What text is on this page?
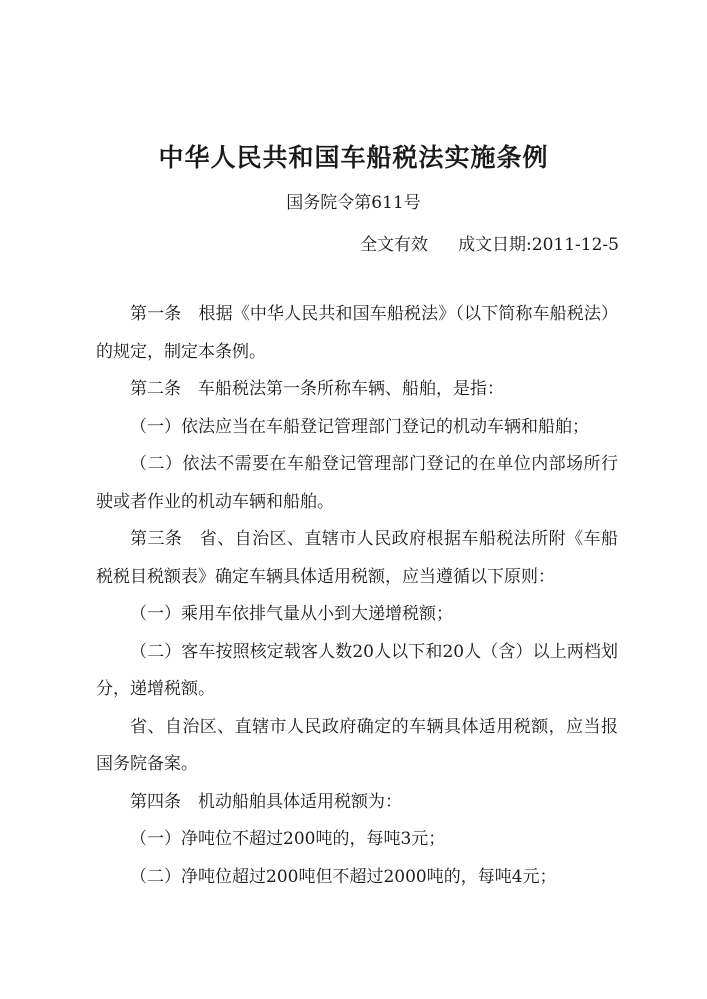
中华人民共和国车船税法实施条例
国务院令第611号
全文有效 成文日期:2011-12-5

第一条　根据《中华人民共和国车船税法》（以下简称车船税法）的规定，制定本条例。

第二条　车船税法第一条所称车辆、船舶，是指：

（一）依法应当在车船登记管理部门登记的机动车辆和船舶；

（二）依法不需要在车船登记管理部门登记的在单位内部场所行驶或者作业的机动车辆和船舶。

第三条　省、自治区、直辖市人民政府根据车船税法所附《车船税税目税额表》确定车辆具体适用税额，应当遵循以下原则：

（一）乘用车依排气量从小到大递增税额；

（二）客车按照核定载客人数20人以下和20人（含）以上两档划分，递增税额。

省、自治区、直辖市人民政府确定的车辆具体适用税额，应当报国务院备案。

第四条　机动船舶具体适用税额为：

（一）净吨位不超过200吨的，每吨3元；

（二）净吨位超过200吨但不超过2000吨的，每吨4元；
